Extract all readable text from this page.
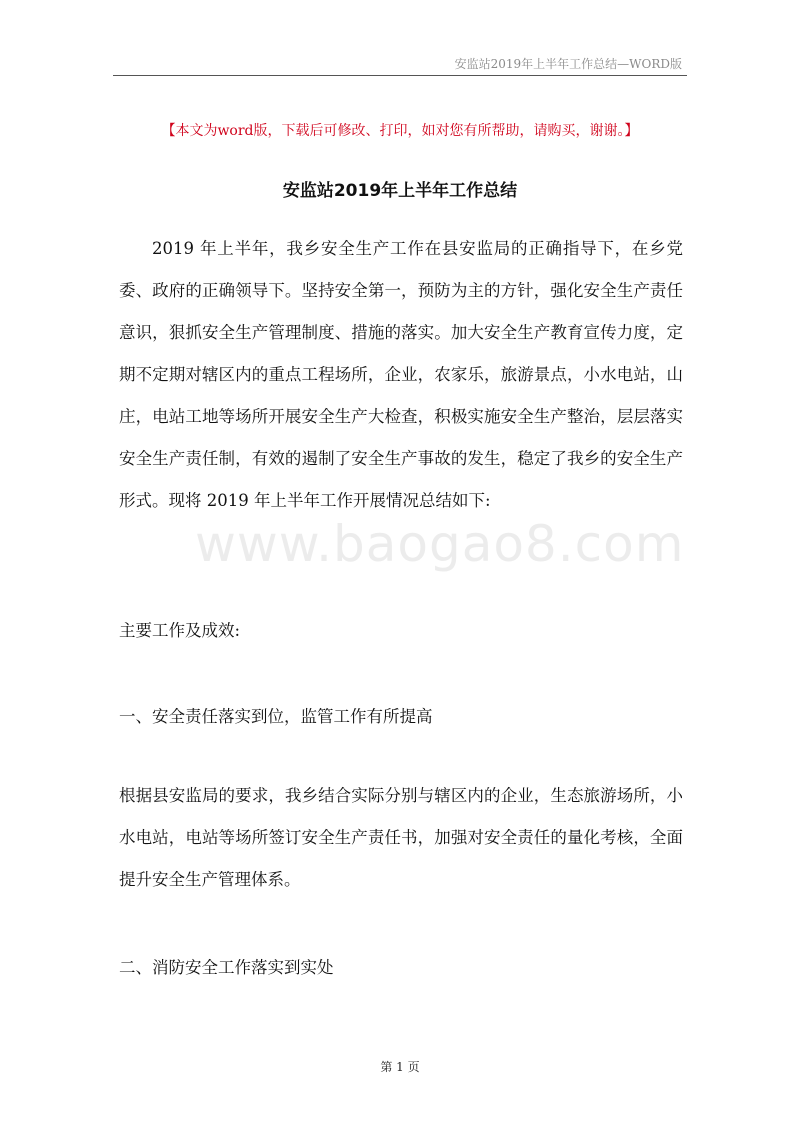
安监站2019年上半年工作总结—WORD版
【本文为word版，下载后可修改、打印，如对您有所帮助，请购买，谢谢。】
安监站2019年上半年工作总结

2019 年上半年，我乡安全生产工作在县安监局的正确指导下，在乡党委、政府的正确领导下。坚持安全第一，预防为主的方针，强化安全生产责任意识，狠抓安全生产管理制度、措施的落实。加大安全生产教育宣传力度，定期不定期对辖区内的重点工程场所，企业，农家乐，旅游景点，小水电站，山庄，电站工地等场所开展安全生产大检查，积极实施安全生产整治，层层落实安全生产责任制，有效的遏制了安全生产事故的发生，稳定了我乡的安全生产形式。现将 2019 年上半年工作开展情况总结如下:

www.baogao8.com

主要工作及成效:

一、安全责任落实到位，监管工作有所提高

根据县安监局的要求，我乡结合实际分别与辖区内的企业，生态旅游场所，小水电站，电站等场所签订安全生产责任书，加强对安全责任的量化考核，全面提升安全生产管理体系。

二、消防安全工作落实到实处

第 1 页
